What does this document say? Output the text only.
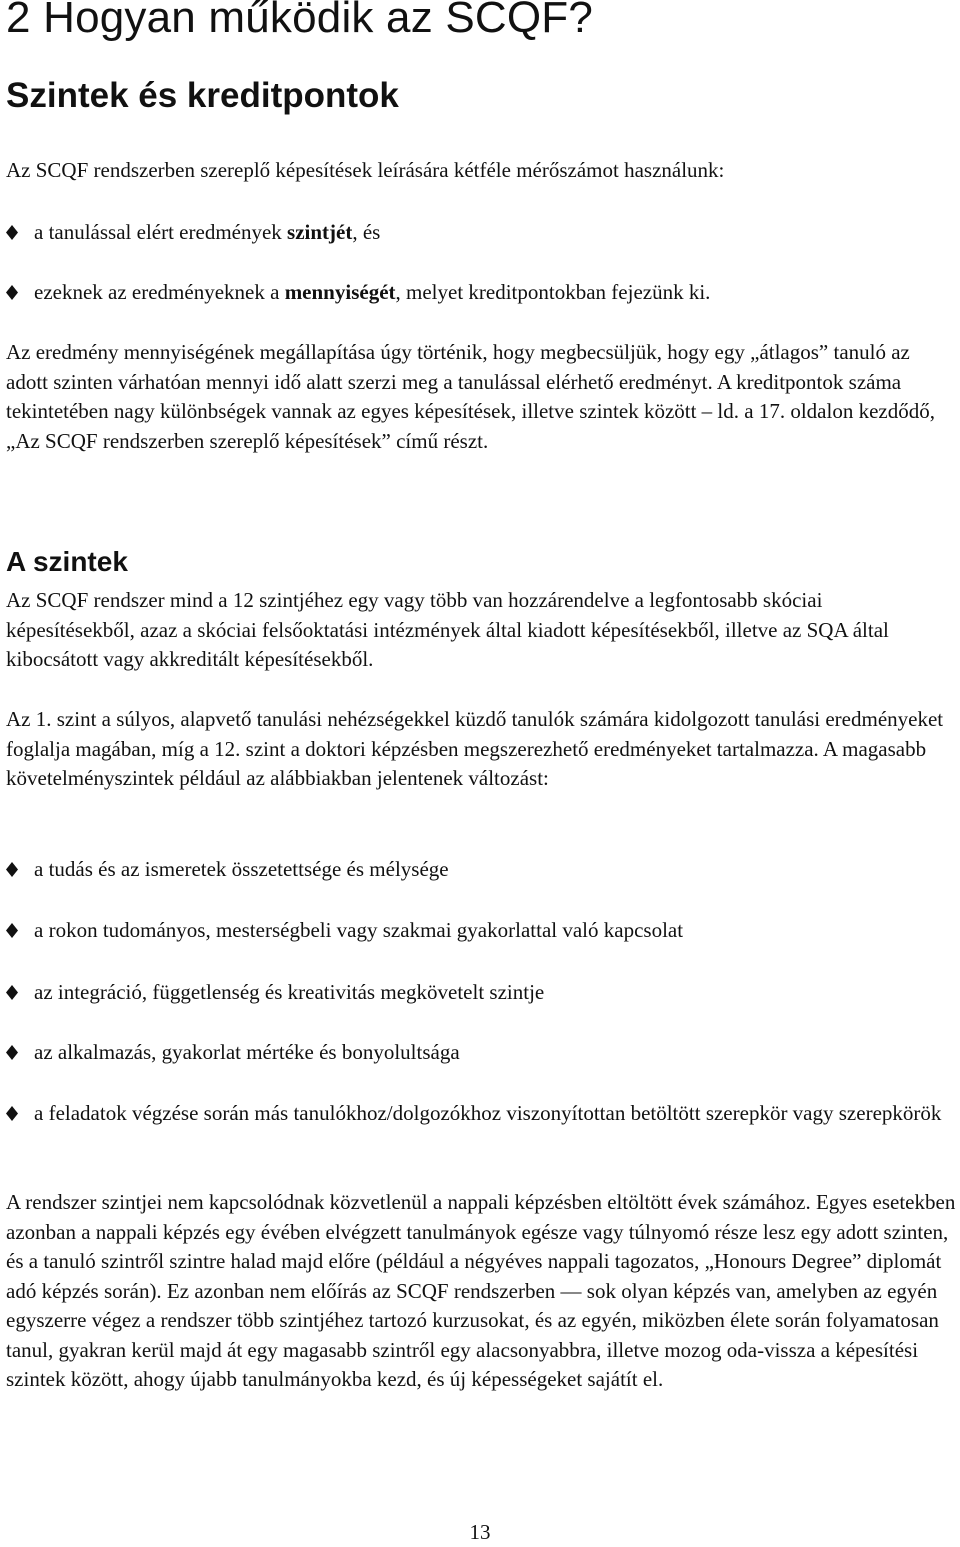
2 Hogyan működik az SCQF?
Szintek és kreditpontok

Az SCQF rendszerben szereplő képesítések leírására kétféle mérőszámot használunk:

a tanulással elért eredmények szintjét, és
ezeknek az eredményeknek a mennyiségét, melyet kreditpontokban fejezünk ki.

Az eredmény mennyiségének megállapítása úgy történik, hogy megbecsüljük, hogy egy „átlagos” tanuló az adott szinten várhatóan mennyi idő alatt szerzi meg a tanulással elérhető eredményt. A kreditpontok száma tekintetében nagy különbségek vannak az egyes képesítések, illetve szintek között – ld. a 17. oldalon kezdődő, „Az SCQF rendszerben szereplő képesítések” című részt.

A szintek

Az SCQF rendszer mind a 12 szintjéhez egy vagy több van hozzárendelve a legfontosabb skóciai képesítésekből, azaz a skóciai felsőoktatási intézmények által kiadott képesítésekből, illetve az SQA által kibocsátott vagy akkreditált képesítésekből.

Az 1. szint a súlyos, alapvető tanulási nehézségekkel küzdő tanulók számára kidolgozott tanulási eredményeket foglalja magában, míg a 12. szint a doktori képzésben megszerezhető eredményeket tartalmazza. A magasabb követelményszintek például az alábbiakban jelentenek változást:

a tudás és az ismeretek összetettsége és mélysége
a rokon tudományos, mesterségbeli vagy szakmai gyakorlattal való kapcsolat
az integráció, függetlenség és kreativitás megkövetelt szintje
az alkalmazás, gyakorlat mértéke és bonyolultsága
a feladatok végzése során más tanulókhoz/dolgozókhoz viszonyítottan betöltött szerepkör vagy szerepkörök

A rendszer szintjei nem kapcsolódnak közvetlenül a nappali képzésben eltöltött évek számához. Egyes esetekben azonban a nappali képzés egy évében elvégzett tanulmányok egésze vagy túlnyomó része lesz egy adott szinten, és a tanuló szintről szintre halad majd előre (például a négyéves nappali tagozatos, „Honours Degree” diplomát adó képzés során). Ez azonban nem előírás az SCQF rendszerben — sok olyan képzés van, amelyben az egyén egyszerre végez a rendszer több szintjéhez tartozó kurzusokat, és az egyén, miközben élete során folyamatosan tanul, gyakran kerül majd át egy magasabb szintről egy alacsonyabbra, illetve mozog oda-vissza a képesítési szintek között, ahogy újabb tanulmányokba kezd, és új képességeket sajátít el.

13
